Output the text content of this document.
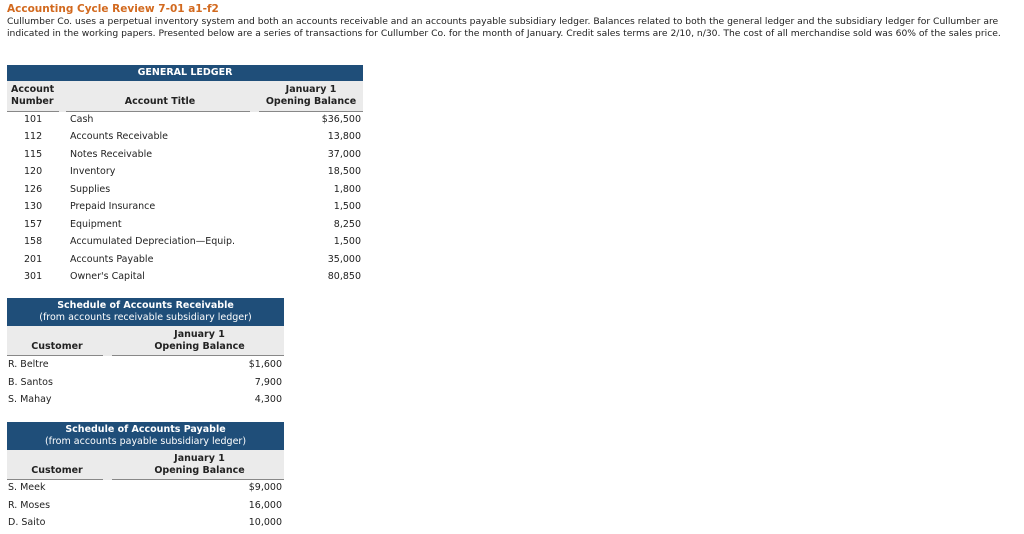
Accounting Cycle Review 7-01 a1-f2
Cullumber Co. uses a perpetual inventory system and both an accounts receivable and an accounts payable subsidiary ledger. Balances related to both the general ledger and the subsidiary ledger for Cullumber are indicated in the working papers. Presented below are a series of transactions for Cullumber Co. for the month of January. Credit sales terms are 2/10, n/30. The cost of all merchandise sold was 60% of the sales price.
GENERAL LEDGER
Account
Number	Account Title
January 1
Opening Balance
101	Cash	$36,500
112	Accounts Receivable	13,800
115	Notes Receivable	37,000
120	Inventory	18,500
126	Supplies	1,800
130	Prepaid Insurance	1,500
157	Equipment	8,250
158	Accumulated Depreciation—Equip.	1,500
201	Accounts Payable	35,000
301	Owner's Capital	80,850
Schedule of Accounts Receivable
(from accounts receivable subsidiary ledger)
Customer
January 1
Opening Balance
R. Beltre	$1,600
B. Santos	7,900
S. Mahay	4,300
Schedule of Accounts Payable
(from accounts payable subsidiary ledger)
Customer
January 1
Opening Balance
S. Meek	$9,000
R. Moses	16,000
D. Saito	10,000
